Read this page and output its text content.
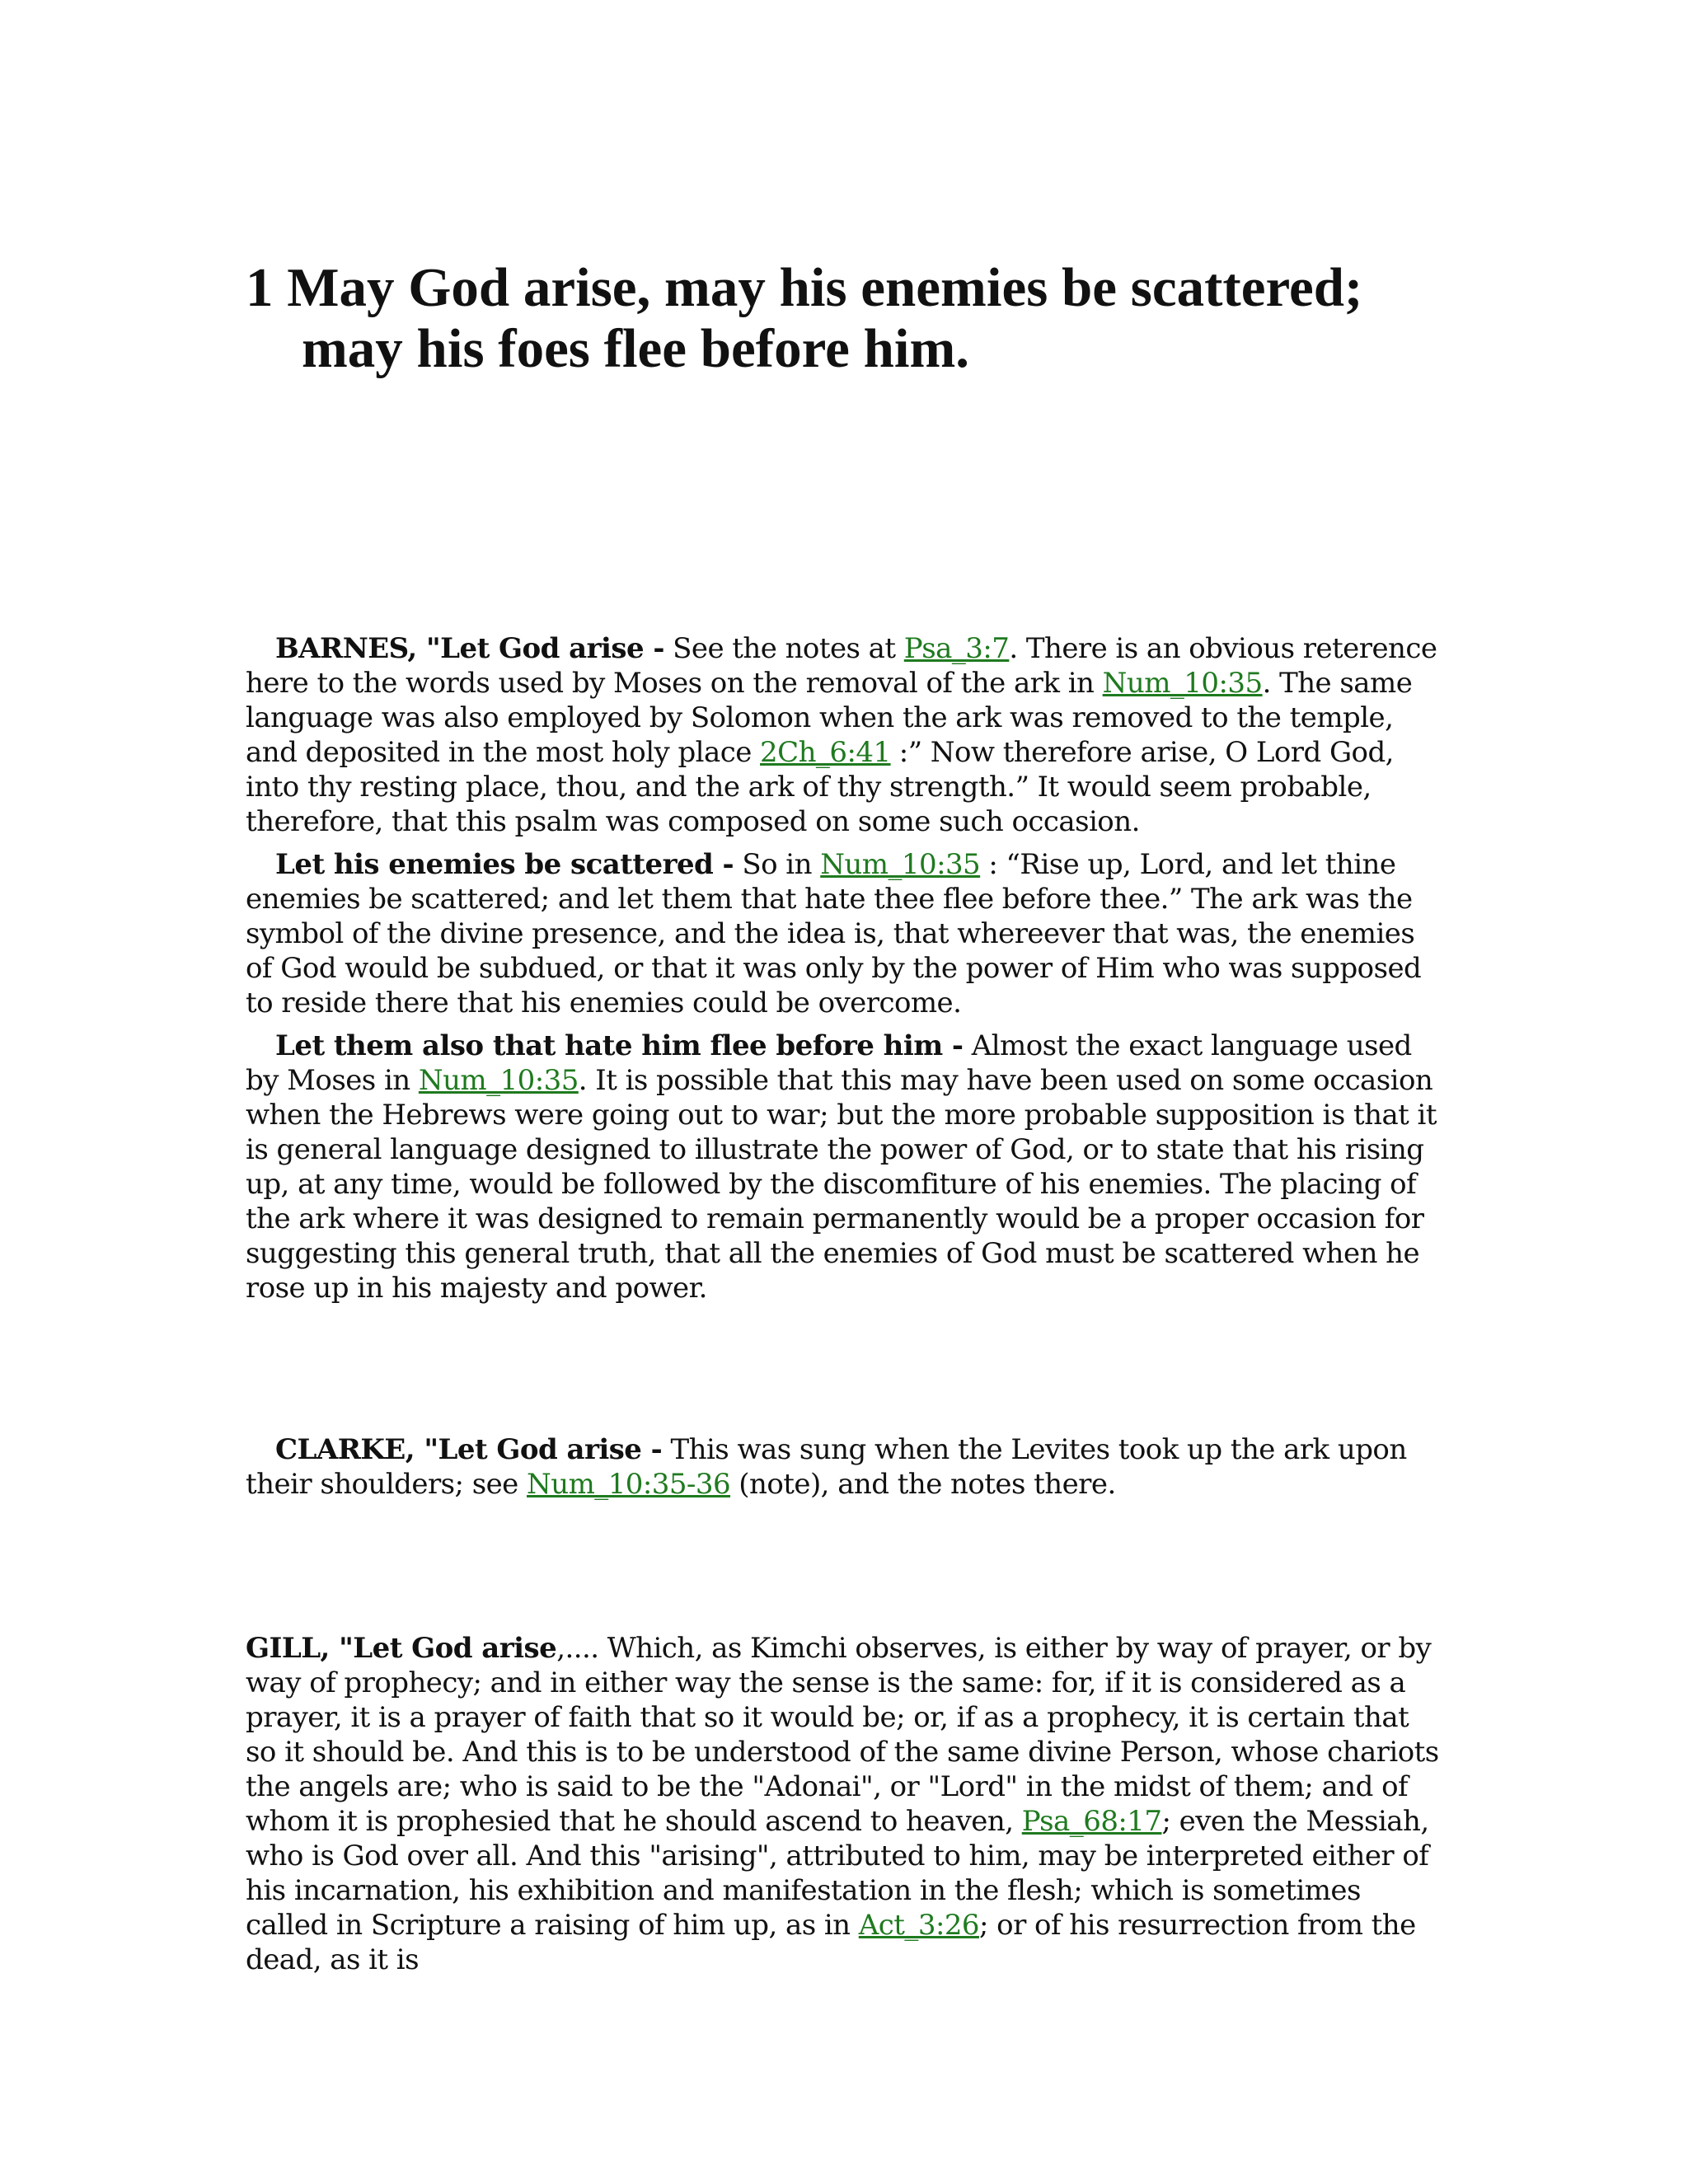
1 May God arise, may his enemies be scattered;

may his foes flee before him.

BARNES, "Let God arise - See the notes at Psa_3:7. There is an obvious reterence here to the words used by Moses on the removal of the ark in Num_10:35. The same language was also employed by Solomon when the ark was removed to the temple, and deposited in the most holy place 2Ch_6:41 :” Now therefore arise, O Lord God, into thy resting place, thou, and the ark of thy strength.” It would seem probable, therefore, that this psalm was composed on some such occasion.

Let his enemies be scattered - So in Num_10:35 : “Rise up, Lord, and let thine enemies be scattered; and let them that hate thee flee before thee.” The ark was the symbol of the divine presence, and the idea is, that whereever that was, the enemies of God would be subdued, or that it was only by the power of Him who was supposed to reside there that his enemies could be overcome.

Let them also that hate him flee before him - Almost the exact language used by Moses in Num_10:35. It is possible that this may have been used on some occasion when the Hebrews were going out to war; but the more probable supposition is that it is general language designed to illustrate the power of God, or to state that his rising up, at any time, would be followed by the discomfiture of his enemies. The placing of the ark where it was designed to remain permanently would be a proper occasion for suggesting this general truth, that all the enemies of God must be scattered when he rose up in his majesty and power.

CLARKE, "Let God arise - This was sung when the Levites took up the ark upon their shoulders; see Num_10:35-36 (note), and the notes there.

GILL, "Let God arise,.... Which, as Kimchi observes, is either by way of prayer, or by way of prophecy; and in either way the sense is the same: for, if it is considered as a prayer, it is a prayer of faith that so it would be; or, if as a prophecy, it is certain that so it should be. And this is to be understood of the same divine Person, whose chariots the angels are; who is said to be the "Adonai", or "Lord" in the midst of them; and of whom it is prophesied that he should ascend to heaven, Psa_68:17; even the Messiah, who is God over all. And this "arising", attributed to him, may be interpreted either of his incarnation, his exhibition and manifestation in the flesh; which is sometimes called in Scripture a raising of him up, as in Act_3:26; or of his resurrection from the dead, as it is
